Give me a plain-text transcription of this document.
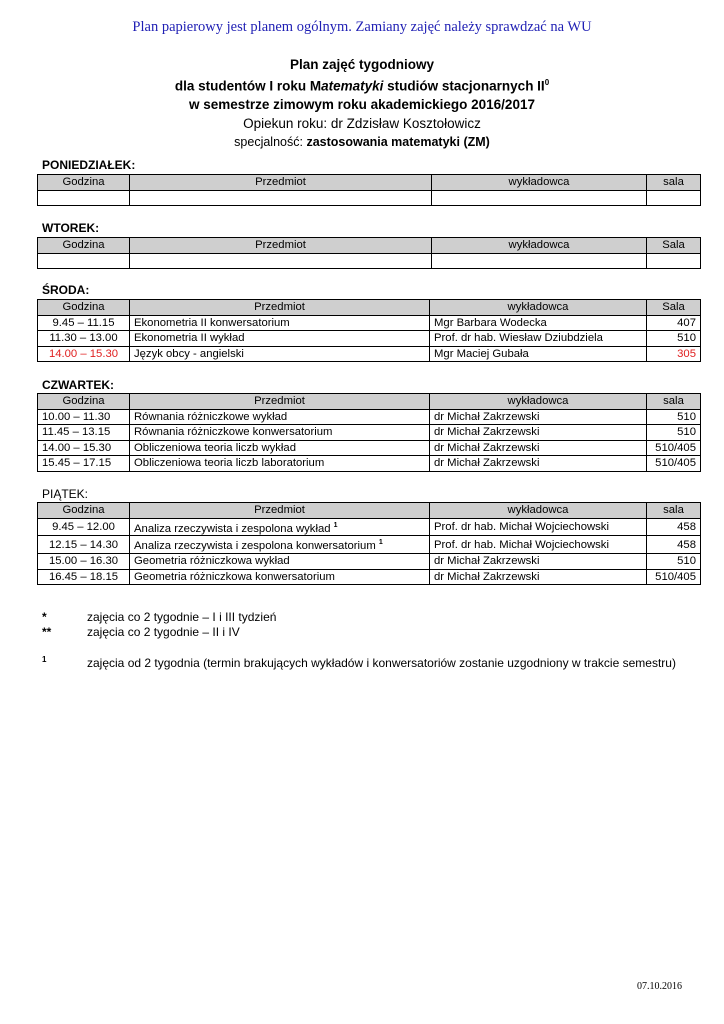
Plan papierowy jest planem ogólnym. Zamiany zajęć należy sprawdzać na WU
Plan zajęć tygodniowy
dla studentów I roku Matematyki studiów stacjonarnych $II^0$
w semestrze zimowym roku akademickiego 2016/2017
Opiekun roku: dr Zdzisław Kosztołowicz
specjalność: zastosowania matematyki (ZM)
PONIEDZIAŁEK:
Godzina	Przedmiot	wykładowca	sala

WTOREK:
Godzina	Przedmiot	wykładowca	Sala

ŚRODA:
Godzina	Przedmiot	wykładowca	Sala
9.45 – 11.15	Ekonometria II konwersatorium	Mgr Barbara Wodecka	407
11.30 – 13.00	Ekonometria II wykład	Prof. dr hab. Wiesław Dziubdziela	510
14.00 – 15.30	Język obcy - angielski	Mgr Maciej Gubała	305
CZWARTEK:
Godzina	Przedmiot	wykładowca	sala
10.00 – 11.30	Równania różniczkowe wykład	dr Michał Zakrzewski	510
11.45 – 13.15	Równania różniczkowe konwersatorium	dr Michał Zakrzewski	510
14.00 – 15.30	Obliczeniowa teoria liczb wykład	dr Michał Zakrzewski	510/405
15.45 – 17.15	Obliczeniowa teoria liczb laboratorium	dr Michał Zakrzewski	510/405
PIĄTEK:
Godzina	Przedmiot	wykładowca	sala
9.45 – 12.00	Analiza rzeczywista i zespolona wykład $^1$	Prof. dr hab. Michał Wojciechowski	458
12.15 – 14.30	Analiza rzeczywista i zespolona konwersatorium $^1$	Prof. dr hab. Michał Wojciechowski	458
15.00 – 16.30	Geometria różniczkowa wykład	dr Michał Zakrzewski	510
16.45 – 18.15	Geometria różniczkowa konwersatorium	dr Michał Zakrzewski	510/405
*	zajęcia co 2 tygodnie – I i III tydzień
**	zajęcia co 2 tygodnie – II i IV
$^1$	zajęcia od 2 tygodnia (termin brakujących wykładów i konwersatoriów zostanie uzgodniony w trakcie semestru)
07.10.2016
